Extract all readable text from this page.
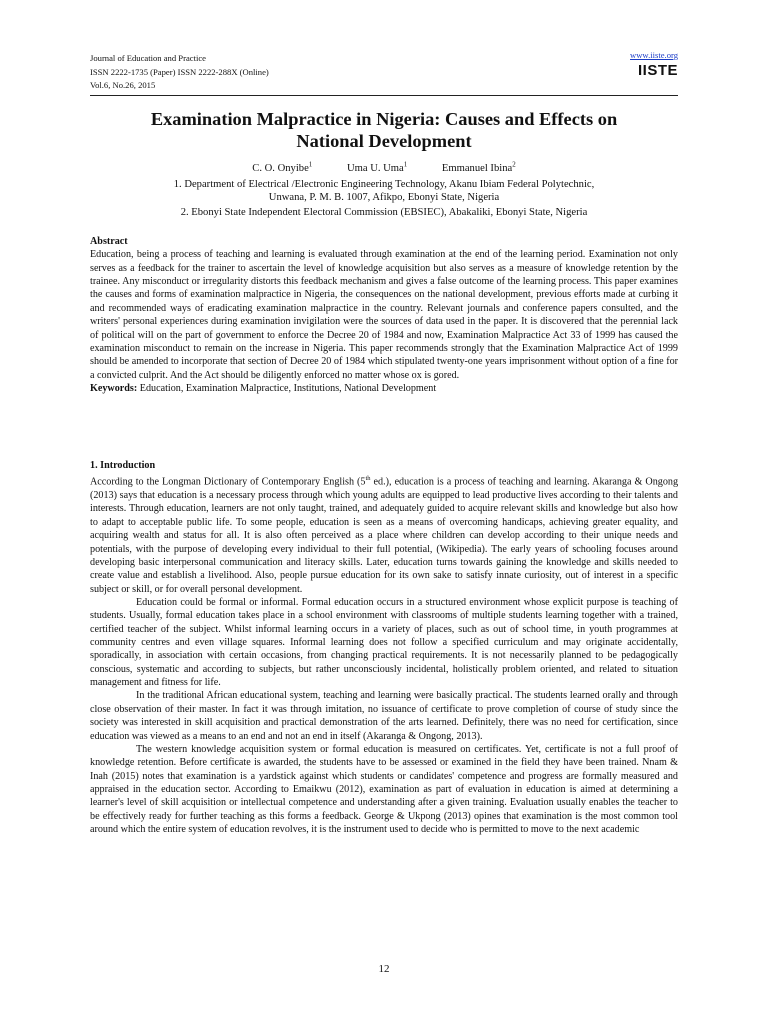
Journal of Education and Practice
ISSN 2222-1735 (Paper) ISSN 2222-288X (Online)
Vol.6, No.26, 2015
www.iiste.org
IISTE
Examination Malpractice in Nigeria: Causes and Effects on
National Development
C. O. Onyibe$^1$	Uma U. Uma$^1$	Emmanuel Ibina$^2$
1. Department of Electrical /Electronic Engineering Technology, Akanu Ibiam Federal Polytechnic,
Unwana, P. M. B. 1007, Afikpo, Ebonyi State, Nigeria
2. Ebonyi State Independent Electoral Commission (EBSIEC), Abakaliki, Ebonyi State, Nigeria

Abstract

Education, being a process of teaching and learning is evaluated through examination at the end of the learning period. Examination not only serves as a feedback for the trainer to ascertain the level of knowledge acquisition but also serves as a measure of knowledge retention by the trainee. Any misconduct or irregularity distorts this feedback mechanism and gives a false outcome of the learning process. This paper examines the causes and forms of examination malpractice in Nigeria, the consequences on the national development, previous efforts made at curbing it and recommended ways of eradicating examination malpractice in the country. Relevant journals and conference papers consulted, and the writers' personal experiences during examination invigilation were the sources of data used in the paper. It is discovered that the perennial lack of political will on the part of government to enforce the Decree 20 of 1984 and now, Examination Malpractice Act 33 of 1999 has caused the examination misconduct to remain on the increase in Nigeria. This paper recommends strongly that the Examination Malpractice Act of 1999 should be amended to incorporate that section of Decree 20 of 1984 which stipulated twenty-one years imprisonment without option of a fine for a convicted culprit. And the Act should be diligently enforced no matter whose ox is gored.

Keywords: Education, Examination Malpractice, Institutions, National Development

1. Introduction

According to the Longman Dictionary of Contemporary English (5th ed.), education is a process of teaching and learning. Akaranga & Ongong (2013) says that education is a necessary process through which young adults are equipped to lead productive lives according to their talents and interests. Through education, learners are not only taught, trained, and adequately guided to acquire relevant skills and knowledge but also how to adapt to acceptable public life. To some people, education is seen as a means of overcoming handicaps, achieving greater equality, and acquiring wealth and status for all. It is also often perceived as a place where children can develop according to their unique needs and potentials, with the purpose of developing every individual to their full potential, (Wikipedia). The early years of schooling focuses around developing basic interpersonal communication and literacy skills. Later, education turns towards gaining the knowledge and skills needed to create value and establish a livelihood. Also, people pursue education for its own sake to satisfy innate curiosity, out of interest in a specific subject or skill, or for overall personal development.

Education could be formal or informal. Formal education occurs in a structured environment whose explicit purpose is teaching of students. Usually, formal education takes place in a school environment with classrooms of multiple students learning together with a trained, certified teacher of the subject. Whilst informal learning occurs in a variety of places, such as out of school time, in youth programmes at community centres and even village squares. Informal learning does not follow a specified curriculum and may originate accidentally, sporadically, in association with certain occasions, from changing practical requirements. It is not necessarily planned to be pedagogically conscious, systematic and according to subjects, but rather unconsciously incidental, holistically problem oriented, and related to situation management and fitness for life.

In the traditional African educational system, teaching and learning were basically practical. The students learned orally and through close observation of their master. In fact it was through imitation, no issuance of certificate to prove completion of course of study since the society was interested in skill acquisition and practical demonstration of the arts learned. Definitely, there was no need for certification, since education was viewed as a means to an end and not an end in itself (Akaranga & Ongong, 2013).

The western knowledge acquisition system or formal education is measured on certificates. Yet, certificate is not a full proof of knowledge retention. Before certificate is awarded, the students have to be assessed or examined in the field they have been trained. Nnam & Inah (2015) notes that examination is a yardstick against which students or candidates' competence and progress are formally measured and appraised in the education sector. According to Emaikwu (2012), examination as part of evaluation in education is aimed at determining a learner's level of skill acquisition or intellectual competence and understanding after a given training. Evaluation usually enables the teacher to be effectively ready for further teaching as this forms a feedback. George & Ukpong (2013) opines that examination is the most common tool around which the entire system of education revolves, it is the instrument used to decide who is permitted to move to the next academic

12
